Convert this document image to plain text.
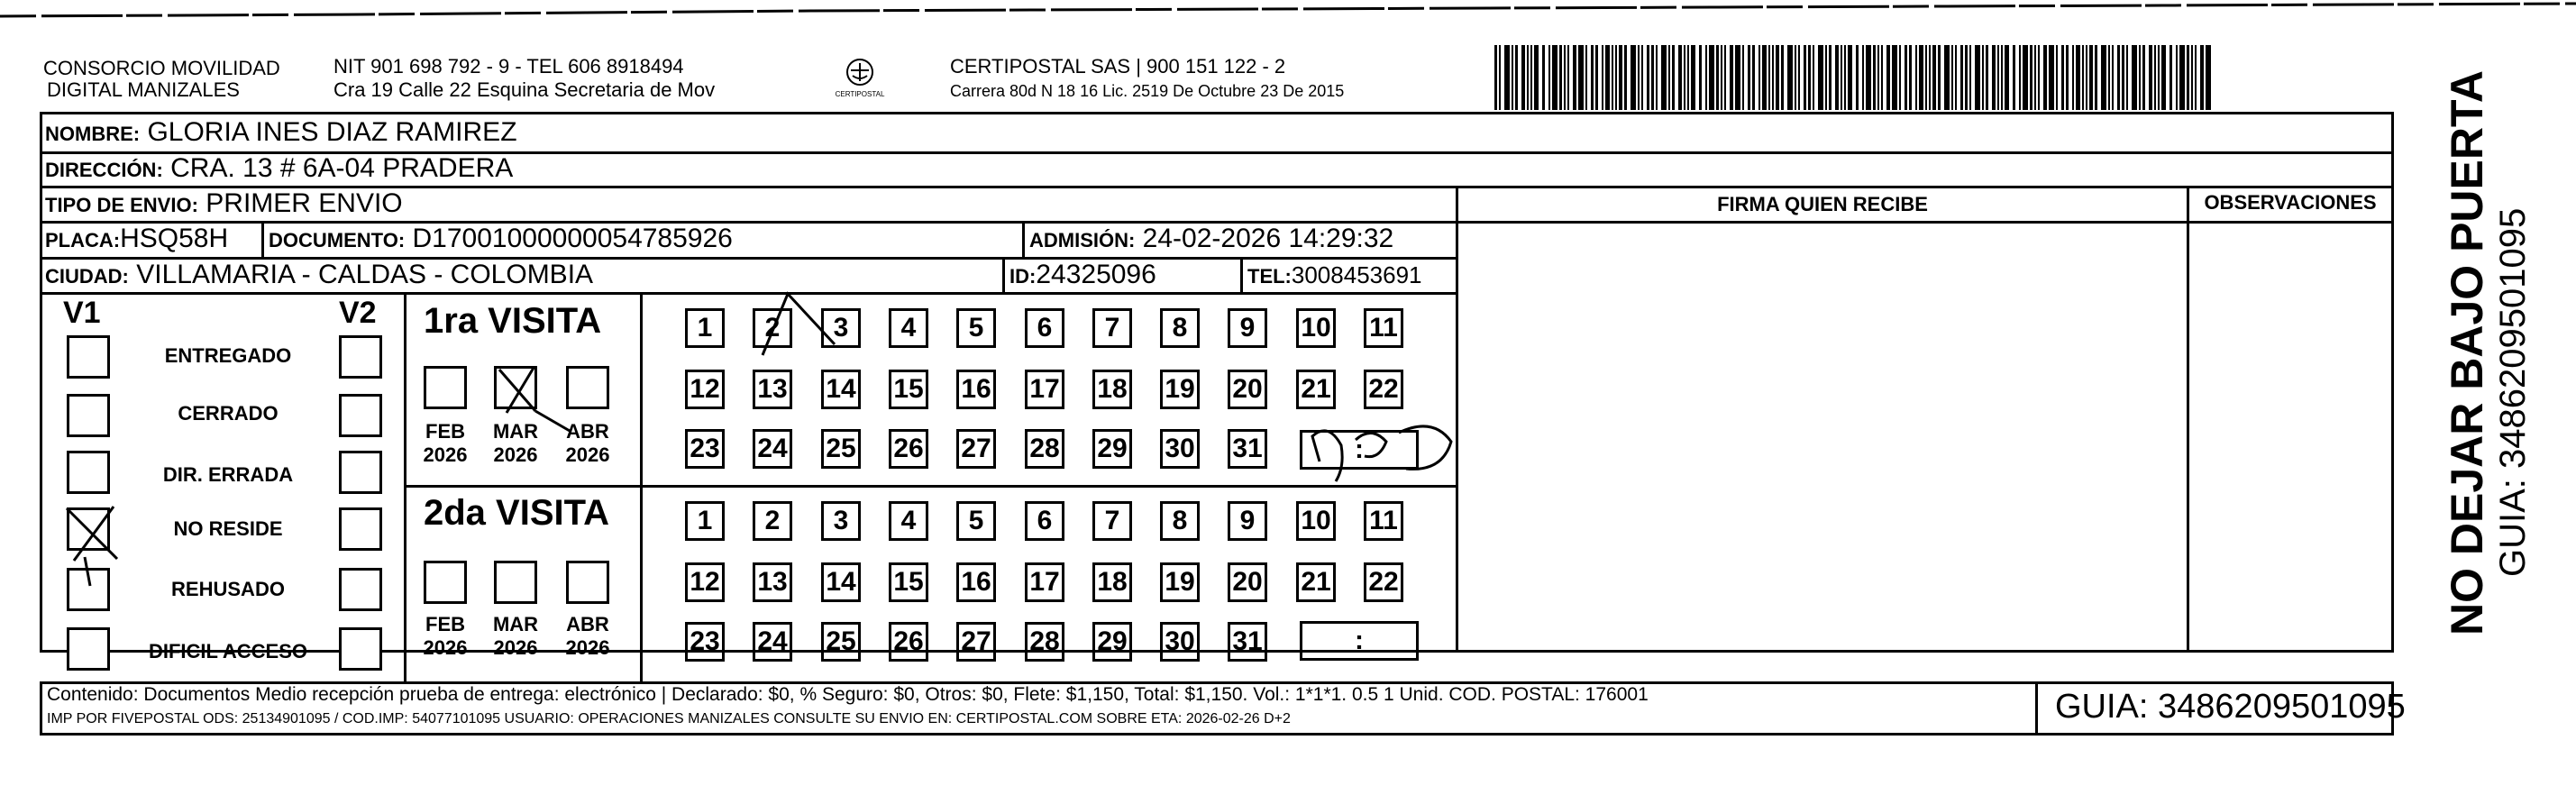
CONSORCIO MOVILIDAD
DIGITAL MANIZALES
NIT 901 698 792 - 9 - TEL 606 8918494
Cra 19 Calle 22 Esquina Secretaria de Mov	CERTIPOSTAL
CERTIPOSTAL SAS | 900 151 122 - 2
Carrera 80d N 18 16 Lic. 2519 De Octubre 23 De 2015
NOMBRE: GLORIA INES DIAZ RAMIREZ
DIRECCIÓN: CRA. 13 # 6A-04 PRADERA
TIPO DE ENVIO: PRIMER ENVIO
PLACA:HSQ58H DOCUMENTO: D17001000000054785926	ADMISIÓN: 24-02-2026 14:29:32
CIUDAD: VILLAMARIA - CALDAS - COLOMBIA	ID:24325096	TEL:3008453691
FIRMA QUIEN RECIBE	OBSERVACIONES
V1	V2
ENTREGADO
CERRADO
DIR. ERRADA
NO RESIDE
REHUSADO
DIFICIL ACCESO
1ra VISITA
FEB
2026
MAR
2026
ABR
2026
2da VISITA
FEB
2026
MAR
2026
ABR
2026
1	2	3	4	5	6	7	8	9	10 11
12 13 14 15 16 17 18 19 20 21 22
23 24 25 26 27 28 29 30 31
1	2	3	4	5	6	7	8	9	10 11
12 13 14 15 16 17 18 19 20 21 22
23 24 25 26 27 28 29 30 31
:
:
NO DEJAR BAJO PUERTA GUIA: 3486209501095
Contenido: Documentos Medio recepción prueba de entrega: electrónico | Declarado: $0, % Seguro: $0, Otros: $0, Flete: $1,150, Total: $1,150. Vol.: 1*1*1. 0.5 1 Unid. COD. POSTAL: 176001
IMP POR FIVEPOSTAL ODS: 25134901095 / COD.IMP: 54077101095 USUARIO: OPERACIONES MANIZALES CONSULTE SU ENVIO EN: CERTIPOSTAL.COM SOBRE ETA: 2026-02-26 D+2	GUIA: 3486209501095
